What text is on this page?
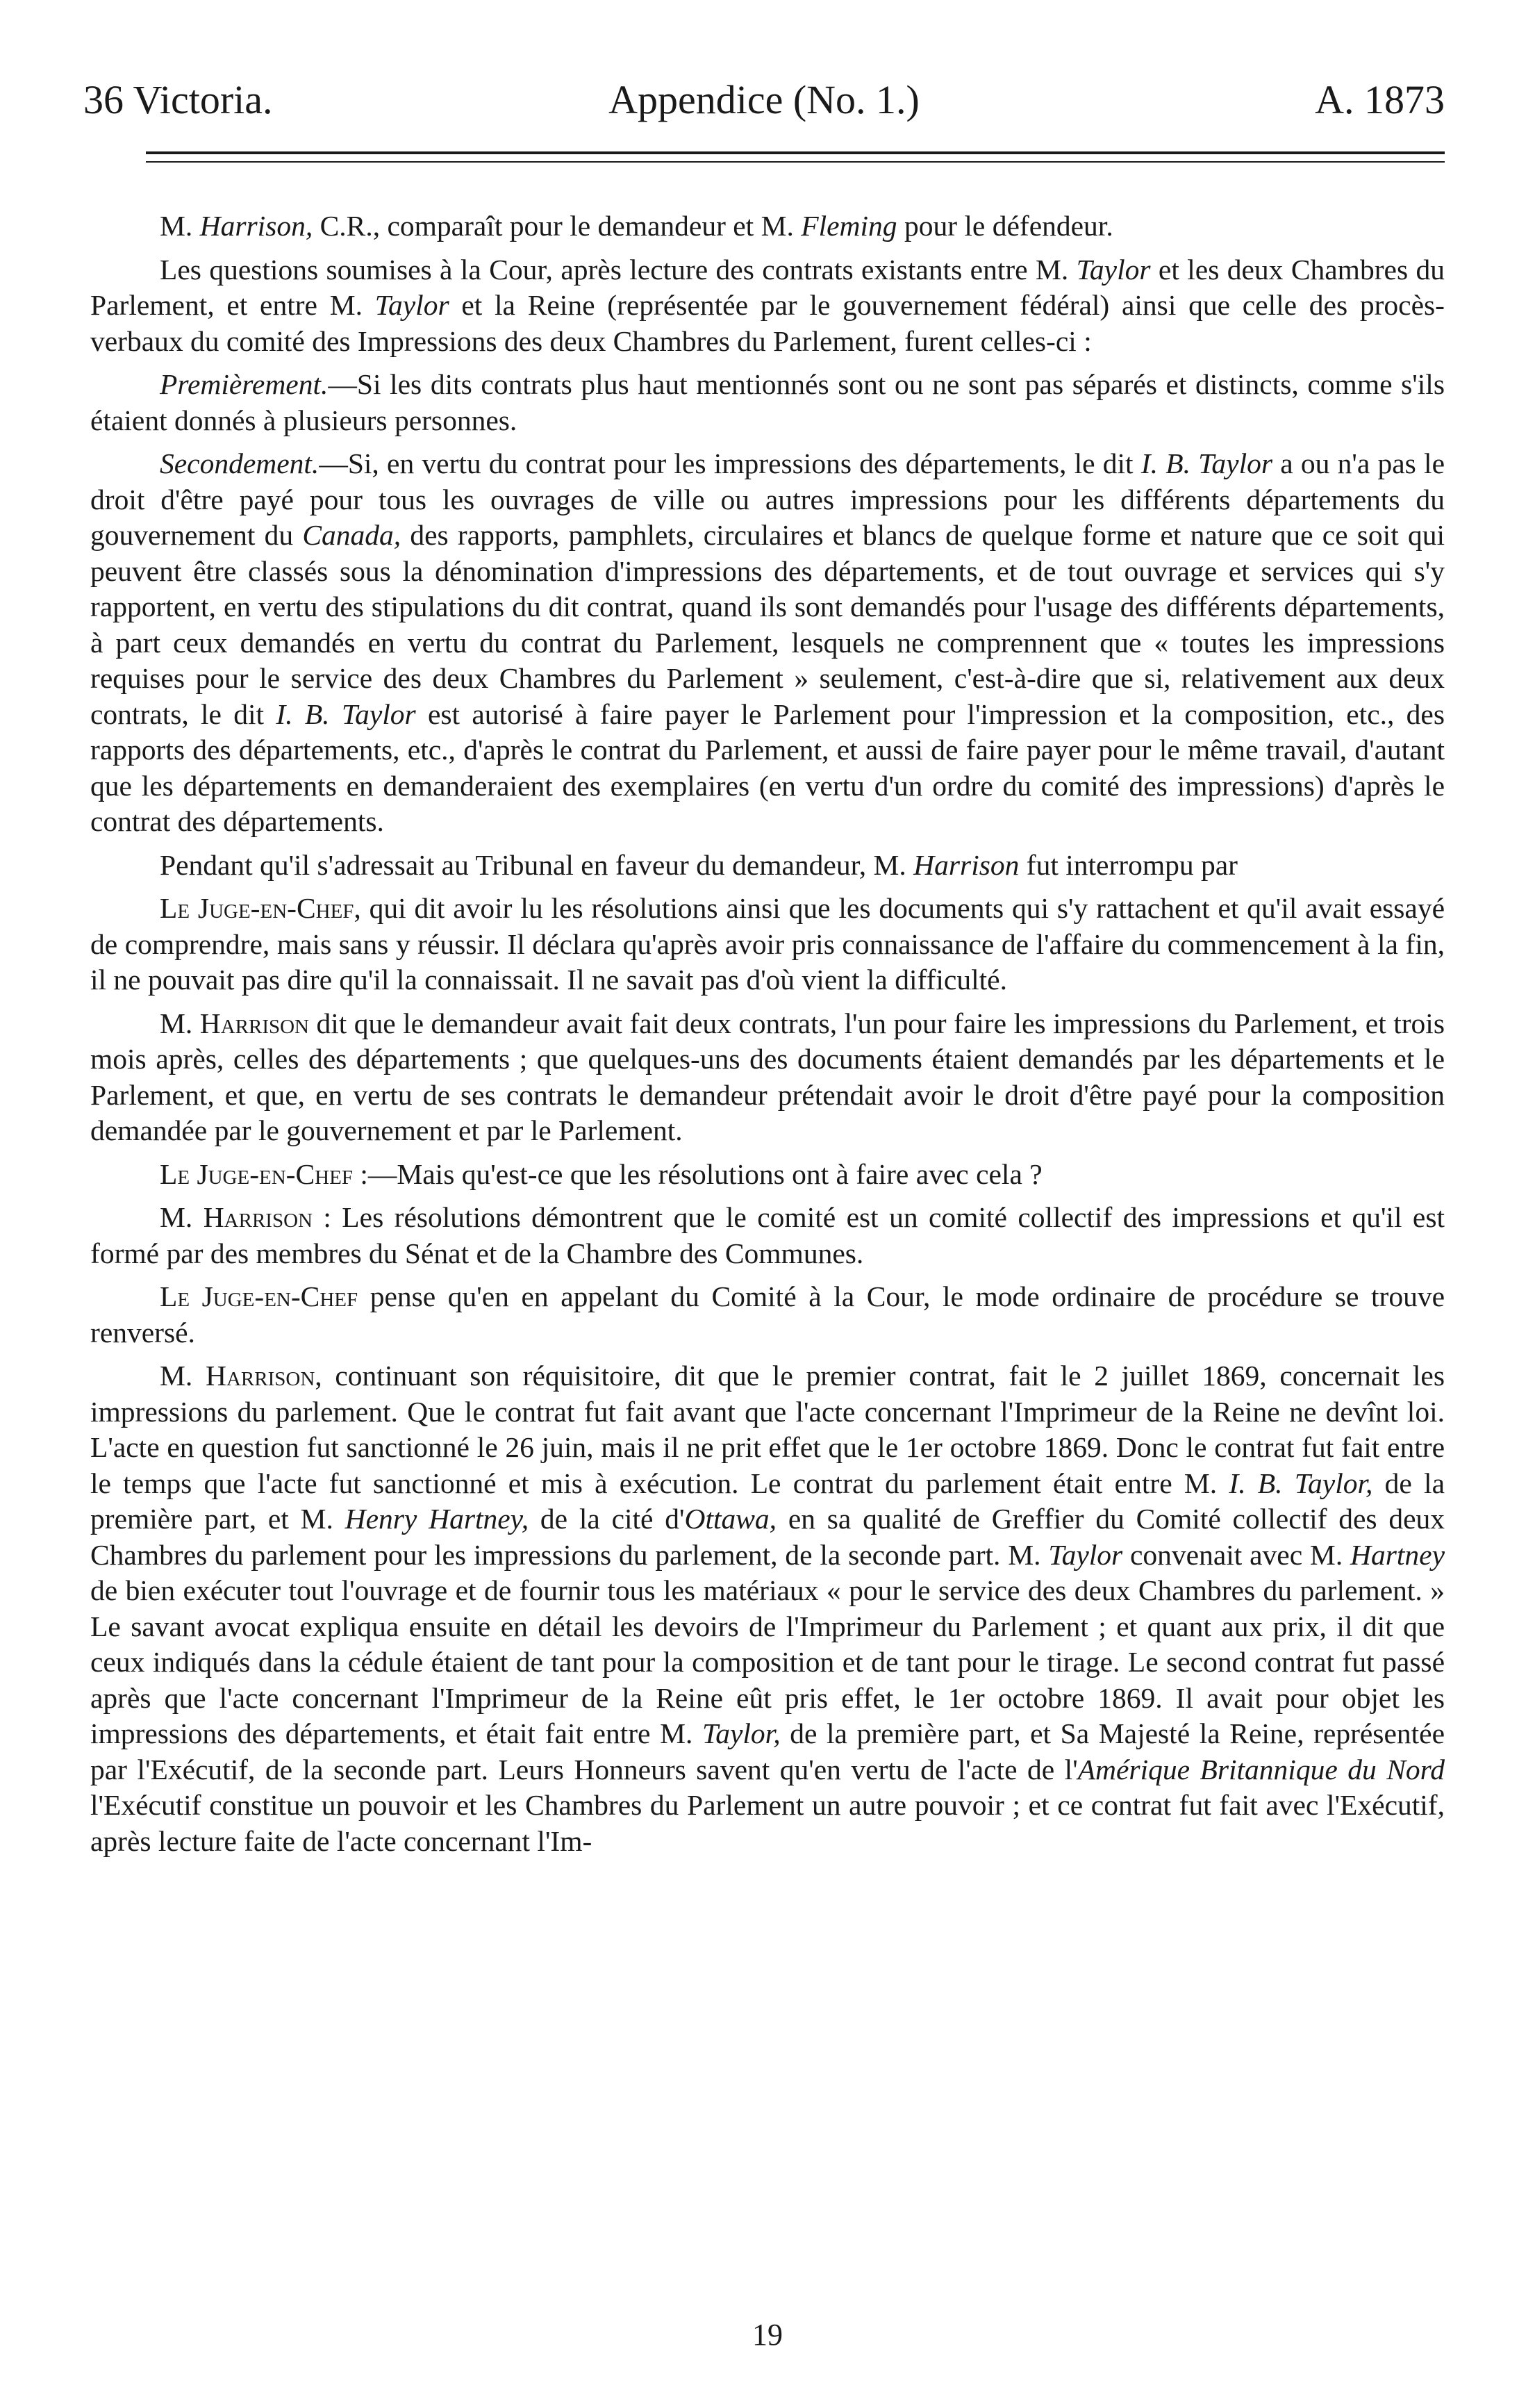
36 Victoria.	Appendice (No. 1.)	A. 1873

M. Harrison, C.R., comparaît pour le demandeur et M. Fleming pour le défendeur.

Les questions soumises à la Cour, après lecture des contrats existants entre M. Taylor et les deux Chambres du Parlement, et entre M. Taylor et la Reine (représentée par le gouvernement fédéral) ainsi que celle des procès-verbaux du comité des Impressions des deux Chambres du Parlement, furent celles-ci :

Premièrement.—Si les dits contrats plus haut mentionnés sont ou ne sont pas séparés et distincts, comme s'ils étaient donnés à plusieurs personnes.

Secondement.—Si, en vertu du contrat pour les impressions des départements, le dit I. B. Taylor a ou n'a pas le droit d'être payé pour tous les ouvrages de ville ou autres impressions pour les différents départements du gouvernement du Canada, des rapports, pamphlets, circulaires et blancs de quelque forme et nature que ce soit qui peuvent être classés sous la dénomination d'impressions des départements, et de tout ouvrage et services qui s'y rapportent, en vertu des stipulations du dit contrat, quand ils sont demandés pour l'usage des différents départements, à part ceux demandés en vertu du contrat du Parlement, lesquels ne comprennent que « toutes les impressions requises pour le service des deux Chambres du Parlement » seulement, c'est-à-dire que si, relativement aux deux contrats, le dit I. B. Taylor est autorisé à faire payer le Parlement pour l'impression et la composition, etc., des rapports des départements, etc., d'après le contrat du Parlement, et aussi de faire payer pour le même travail, d'autant que les départements en demanderaient des exemplaires (en vertu d'un ordre du comité des impressions) d'après le contrat des départements.

Pendant qu'il s'adressait au Tribunal en faveur du demandeur, M. Harrison fut interrompu par

Le Juge-en-Chef, qui dit avoir lu les résolutions ainsi que les documents qui s'y rattachent et qu'il avait essayé de comprendre, mais sans y réussir. Il déclara qu'après avoir pris connaissance de l'affaire du commencement à la fin, il ne pouvait pas dire qu'il la connaissait. Il ne savait pas d'où vient la difficulté.

M. Harrison dit que le demandeur avait fait deux contrats, l'un pour faire les impressions du Parlement, et trois mois après, celles des départements ; que quelques-uns des documents étaient demandés par les départements et le Parlement, et que, en vertu de ses contrats le demandeur prétendait avoir le droit d'être payé pour la composition demandée par le gouvernement et par le Parlement.

Le Juge-en-Chef :—Mais qu'est-ce que les résolutions ont à faire avec cela ?

M. Harrison : Les résolutions démontrent que le comité est un comité collectif des impressions et qu'il est formé par des membres du Sénat et de la Chambre des Communes.

Le Juge-en-Chef pense qu'en en appelant du Comité à la Cour, le mode ordinaire de procédure se trouve renversé.

M. Harrison, continuant son réquisitoire, dit que le premier contrat, fait le 2 juillet 1869, concernait les impressions du parlement. Que le contrat fut fait avant que l'acte concernant l'Imprimeur de la Reine ne devînt loi. L'acte en question fut sanctionné le 26 juin, mais il ne prit effet que le 1er octobre 1869. Donc le contrat fut fait entre le temps que l'acte fut sanctionné et mis à exécution. Le contrat du parlement était entre M. I. B. Taylor, de la première part, et M. Henry Hartney, de la cité d'Ottawa, en sa qualité de Greffier du Comité collectif des deux Chambres du parlement pour les impressions du parlement, de la seconde part. M. Taylor convenait avec M. Hartney de bien exécuter tout l'ouvrage et de fournir tous les matériaux « pour le service des deux Chambres du parlement. » Le savant avocat expliqua ensuite en détail les devoirs de l'Imprimeur du Parlement ; et quant aux prix, il dit que ceux indiqués dans la cédule étaient de tant pour la composition et de tant pour le tirage. Le second contrat fut passé après que l'acte concernant l'Imprimeur de la Reine eût pris effet, le 1er octobre 1869. Il avait pour objet les impressions des départements, et était fait entre M. Taylor, de la première part, et Sa Majesté la Reine, représentée par l'Exécutif, de la seconde part. Leurs Honneurs savent qu'en vertu de l'acte de l'Amérique Britannique du Nord l'Exécutif constitue un pouvoir et les Chambres du Parlement un autre pouvoir ; et ce contrat fut fait avec l'Exécutif, après lecture faite de l'acte concernant l'Im-

19
